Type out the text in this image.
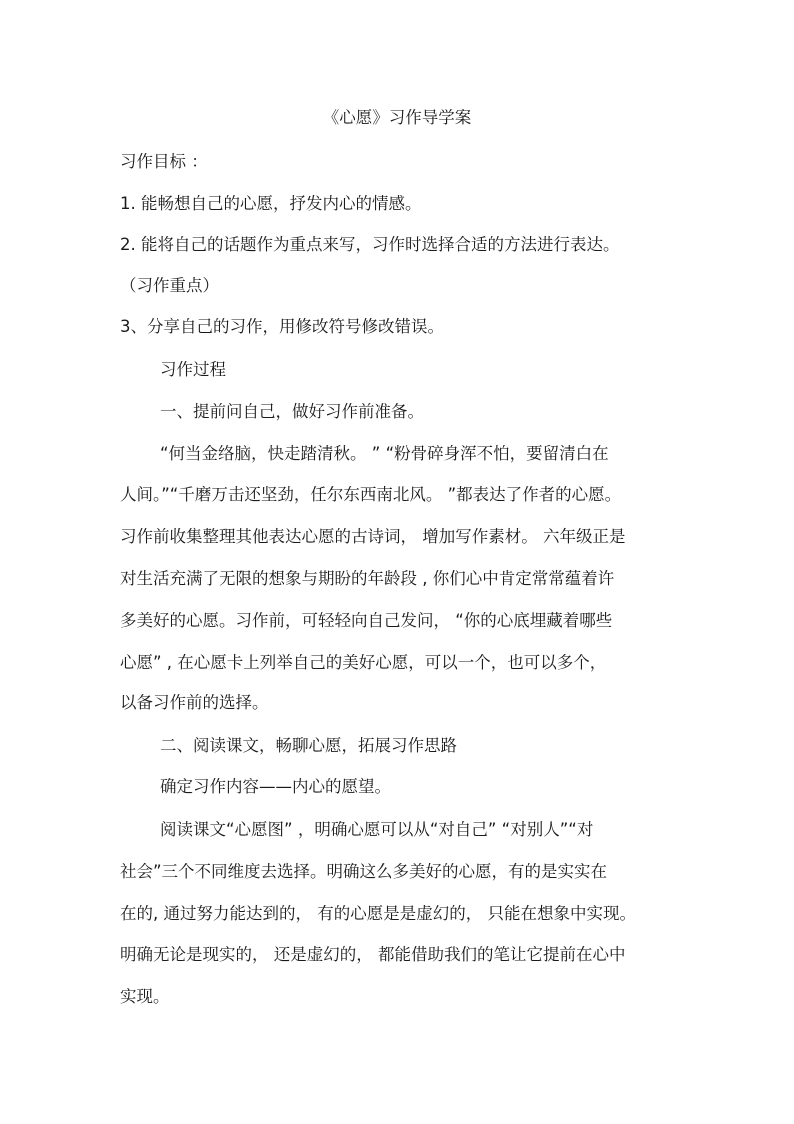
《心愿》习作导学案

习作目标 ：

1. 能畅想自己的心愿，抒发内心的情感。

2. 能将自己的话题作为重点来写，习作时选择合适的方法进行表达。

（习作重点）

3、分享自己的习作，用修改符号修改错误。

习作过程

一、提前问自己，做好习作前准备。

“何当金络脑，快走踏清秋。 ” “粉骨碎身浑不怕，要留清白在

人间。”“千磨万击还坚劲，任尔东西南北风。 ”都表达了作者的心愿。

习作前收集整理其他表达心愿的古诗词， 增加写作素材。 六年级正是

对生活充满了无限的想象与期盼的年龄段 , 你们心中肯定常常蕴着许

多美好的心愿。习作前，可轻轻向自己发问， “你的心底埋藏着哪些

心愿” , 在心愿卡上列举自己的美好心愿，可以一个，也可以多个，

以备习作前的选择。

二、阅读课文，畅聊心愿，拓展习作思路

确定习作内容——内心的愿望。

阅读课文“心愿图” ，明确心愿可以从“对自己” “对别人”“对

社会”三个不同维度去选择。明确这么多美好的心愿，有的是实实在

在的, 通过努力能达到的， 有的心愿是是虚幻的， 只能在想象中实现。

明确无论是现实的， 还是虚幻的， 都能借助我们的笔让它提前在心中

实现。
